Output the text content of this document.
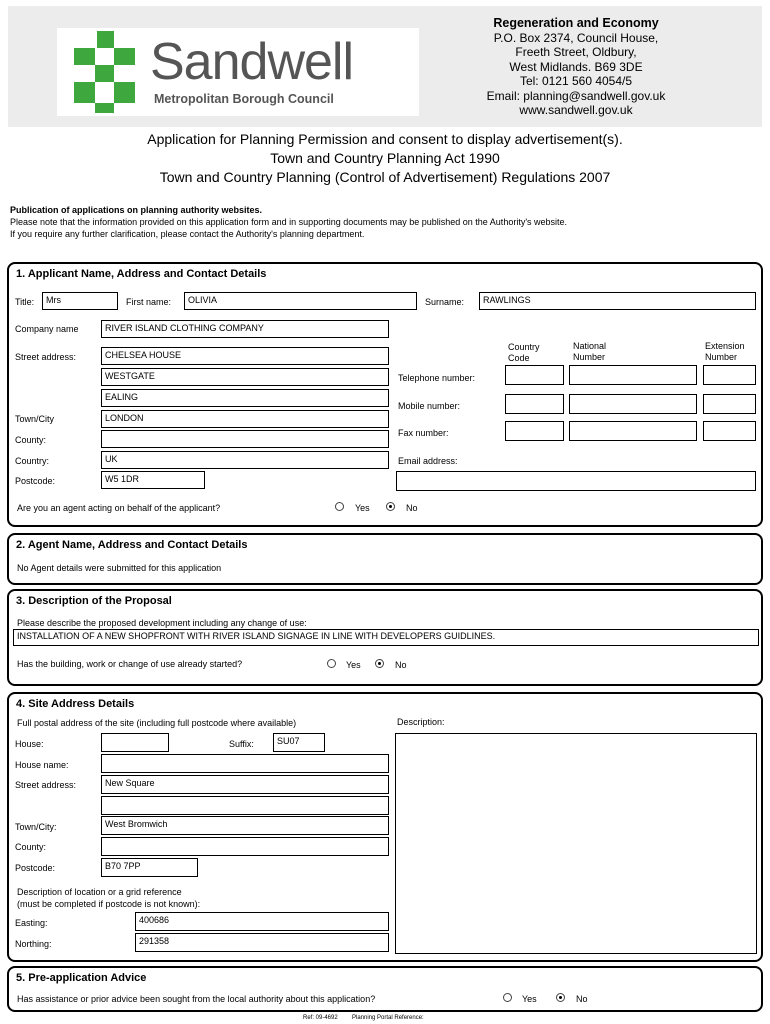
Sandwell
Metropolitan Borough Council
Regeneration and Economy
P.O. Box 2374, Council House,
Freeth Street, Oldbury,
West Midlands. B69 3DE
Tel: 0121 560 4054/5
Email: planning@sandwell.gov.uk
www.sandwell.gov.uk
Application for Planning Permission and consent to display advertisement(s).
Town and Country Planning Act 1990
Town and Country Planning (Control of Advertisement) Regulations 2007
Publication of applications on planning authority websites.
Please note that the information provided on this application form and in supporting documents may be published on the Authority's website.
If you require any further clarification, please contact the Authority's planning department.
1. Applicant Name, Address and Contact Details
Title:	Mrs	First name:	OLIVIA	Surname:	RAWLINGS
Company name	RIVER ISLAND CLOTHING COMPANY
Street address:	CHELSEA HOUSE
WESTGATE
EALING
Town/City	LONDON
County:
Country:	UK
Postcode:	W5 1DR
Country
Code
National
Number
Extension
Number
Telephone number:
Mobile number:
Fax number:
Email address:
Are you an agent acting on behalf of the applicant?	Yes	No
2. Agent Name, Address and Contact Details
No Agent details were submitted for this application
3. Description of the Proposal
Please describe the proposed development including any change of use:
INSTALLATION OF A NEW SHOPFRONT WITH RIVER ISLAND SIGNAGE IN LINE WITH DEVELOPERS GUIDLINES.
Has the building, work or change of use already started?	Yes	No
4. Site Address Details
Full postal address of the site (including full postcode where available)	Description:
House:	Suffix:	SU07
House name:
Street address:	New Square
Town/City:	West Bromwich
County:
Postcode:	B70 7PP
Description of location or a grid reference
(must be completed if postcode is not known):
Easting:	400686
Northing:	291358
5. Pre-application Advice
Has assistance or prior advice been sought from the local authority about this application?	Yes	No
Ref: 09-4692 Planning Portal Reference:
